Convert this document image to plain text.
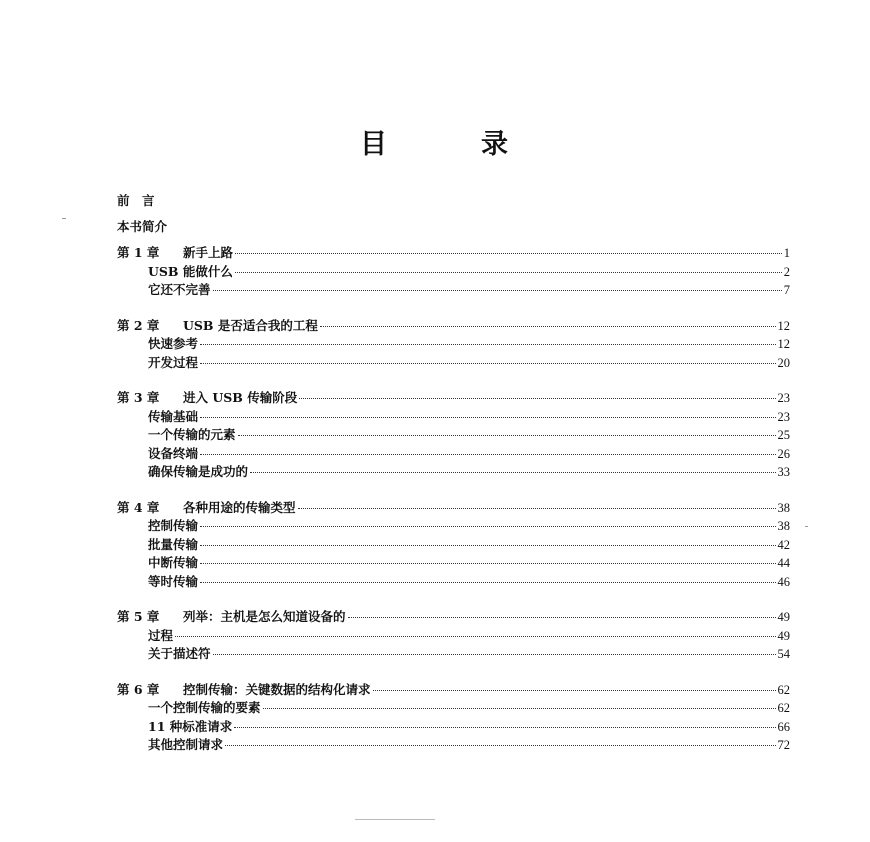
目	录
前　言
本书简介
第 1 章	新手上路	1
USB 能做什么	2
它还不完善	7
第 2 章	USB 是否适合我的工程	12
快速参考	12
开发过程	20
第 3 章	进入 USB 传输阶段	23
传输基础	23
一个传输的元素	25
设备终端	26
确保传输是成功的	33
第 4 章	各种用途的传输类型	38
控制传输	38
批量传输	42
中断传输	44
等时传输	46
第 5 章	列举：主机是怎么知道设备的	49
过程	49
关于描述符	54
第 6 章	控制传输：关键数据的结构化请求	62
一个控制传输的要素	62
11 种标准请求	66
其他控制请求	72
